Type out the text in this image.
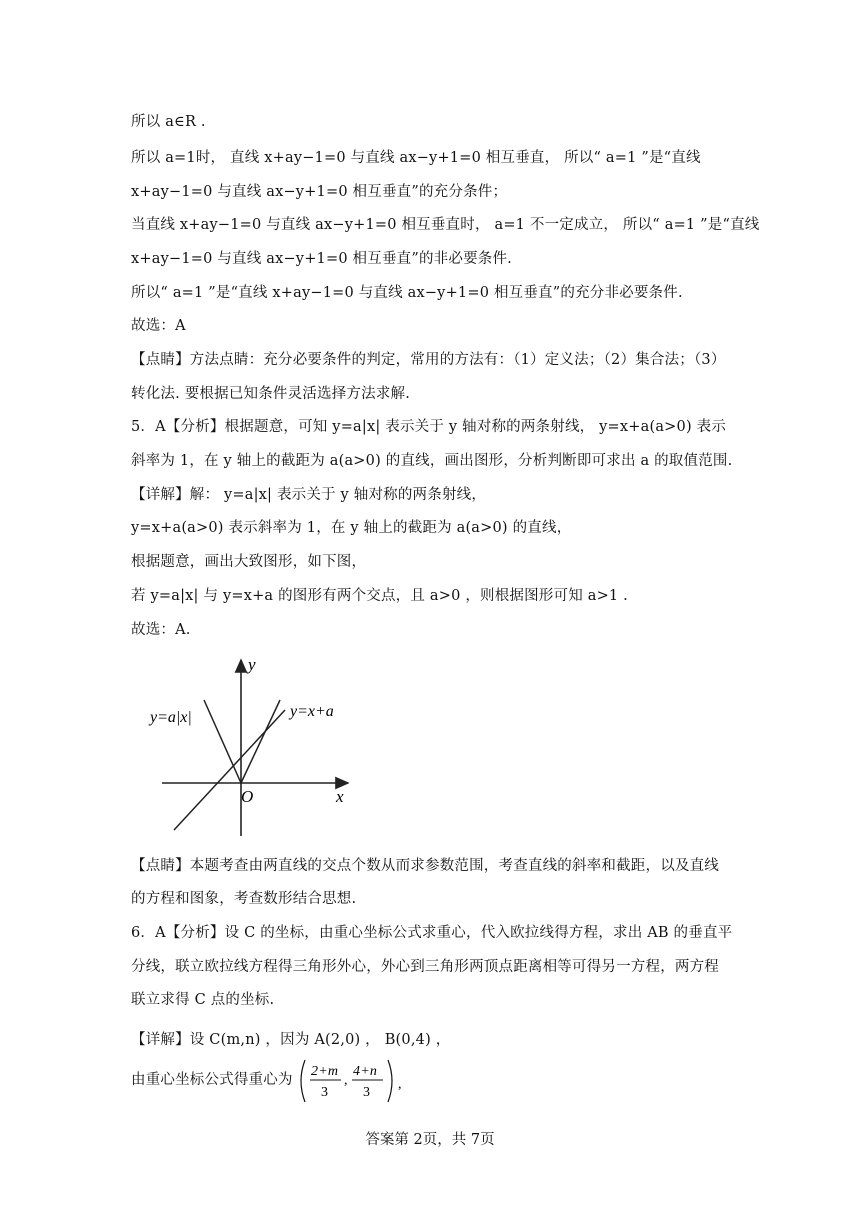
所以 a∈R .
所以 a=1时， 直线 x+ay−1=0 与直线 ax−y+1=0 相互垂直， 所以“ a=1 ”是“直线
x+ay−1=0 与直线 ax−y+1=0 相互垂直”的充分条件；
当直线 x+ay−1=0 与直线 ax−y+1=0 相互垂直时， a=1 不一定成立， 所以“ a=1 ”是“直线
x+ay−1=0 与直线 ax−y+1=0 相互垂直”的非必要条件.
所以“ a=1 ”是“直线 x+ay−1=0 与直线 ax−y+1=0 相互垂直”的充分非必要条件.
故选：A
【点睛】方法点睛：充分必要条件的判定，常用的方法有：（1）定义法；（2）集合法；（3）
转化法. 要根据已知条件灵活选择方法求解.
5．A【分析】根据题意，可知 y=a|x| 表示关于 y 轴对称的两条射线， y=x+a(a>0) 表示
斜率为 1，在 y 轴上的截距为 a(a>0) 的直线，画出图形，分析判断即可求出 a 的取值范围.
【详解】解： y=a|x| 表示关于 y 轴对称的两条射线，
y=x+a(a>0) 表示斜率为 1，在 y 轴上的截距为 a(a>0) 的直线，
根据题意，画出大致图形，如下图，
若 y=a|x| 与 y=x+a 的图形有两个交点，且 a>0 ，则根据图形可知 a>1 .
故选：A.
y
x
O
y=a|x|	y=x+a
【点睛】本题考查由两直线的交点个数从而求参数范围，考查直线的斜率和截距，以及直线
的方程和图象，考查数形结合思想.
6．A【分析】设 C 的坐标，由重心坐标公式求重心，代入欧拉线得方程，求出 AB 的垂直平
分线，联立欧拉线方程得三角形外心，外心到三角形两顶点距离相等可得另一方程，两方程
联立求得 C 点的坐标.
【详解】设 C(m,n) ，因为 A(2,0) ， B(0,4) ，
由重心坐标公式得重心为
2+m
3
,
4+n
3
,
答案第 2页，共 7页
